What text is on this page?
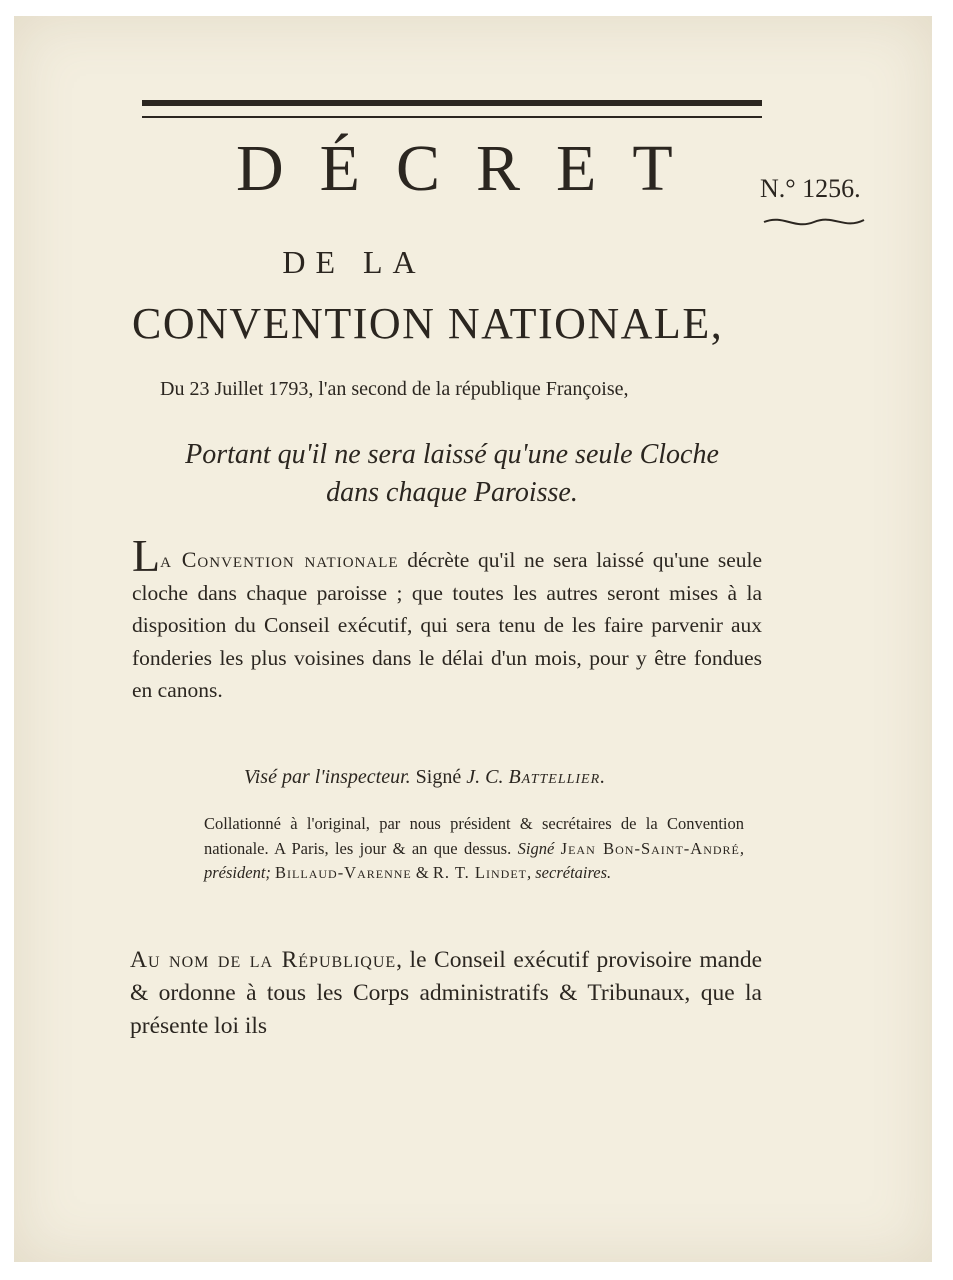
DÉCRET N.° 1256.
DE LA
CONVENTION NATIONALE,
Du 23 Juillet 1793, l'an second de la république Françoise,
Portant qu'il ne sera laissé qu'une seule Cloche
dans chaque Paroisse.
La Convention nationale décrète qu'il ne sera laissé qu'une seule cloche dans chaque paroisse ; que toutes les autres seront mises à la disposition du Conseil exécutif, qui sera tenu de les faire parvenir aux fonderies les plus voisines dans le délai d'un mois, pour y être fondues en canons.
Visé par l'inspecteur. Signé J. C. Battellier.
Collationné à l'original, par nous président & secrétaires de la Convention nationale. A Paris, les jour & an que dessus. Signé Jean Bon-Saint-André, président; Billaud-Varenne & R. T. Lindet, secrétaires.
Au nom de la République, le Conseil exécutif provisoire mande & ordonne à tous les Corps administratifs & Tribunaux, que la présente loi ils
